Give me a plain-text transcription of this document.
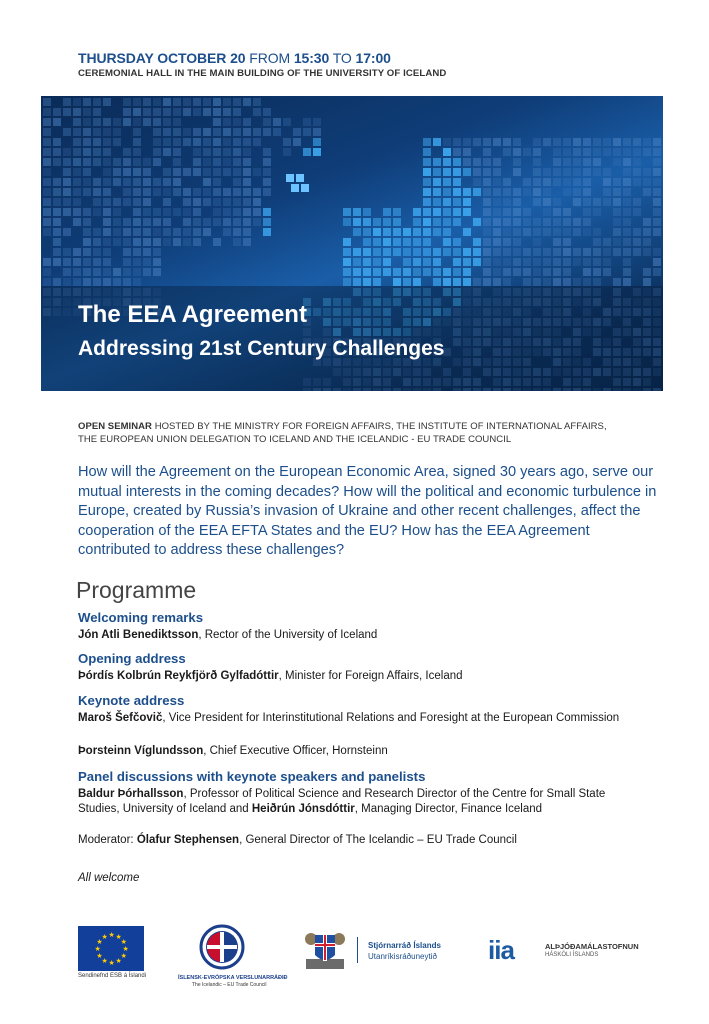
THURSDAY OCTOBER 20 FROM 15:30 TO 17:00
CEREMONIAL HALL IN THE MAIN BUILDING OF THE UNIVERSITY OF ICELAND
The EEA Agreement
Addressing 21st Century Challenges
OPEN SEMINAR HOSTED BY THE MINISTRY FOR FOREIGN AFFAIRS, THE INSTITUTE OF INTERNATIONAL AFFAIRS,
THE EUROPEAN UNION DELEGATION TO ICELAND AND THE ICELANDIC - EU TRADE COUNCIL
How will the Agreement on the European Economic Area, signed 30 years ago, serve our mutual interests in the coming decades? How will the political and economic turbulence in Europe, created by Russia’s invasion of Ukraine and other recent challenges, affect the cooperation of the EEA EFTA States and the EU? How has the EEA Agreement contributed to address these challenges?
Programme
Welcoming remarks
Jón Atli Benediktsson, Rector of the University of Iceland
Opening address
Þórdís Kolbrún Reykfjörð Gylfadóttir, Minister for Foreign Affairs, Iceland
Keynote address
Maroš Šefčovič, Vice President for Interinstitutional Relations and Foresight at the European Commission
Þorsteinn Víglundsson, Chief Executive Officer, Hornsteinn
Panel discussions with keynote speakers and panelists
Baldur Þórhallsson, Professor of Political Science and Research Director of the Centre for Small State Studies, University of Iceland and Heiðrún Jónsdóttir, Managing Director, Finance Iceland
Moderator: Ólafur Stephensen, General Director of The Icelandic – EU Trade Council
All welcome
★
★
★
★
★
★
★
★
★ ★ ★
★
Sendinefnd ESB á Íslandi	ÍSLENSK-EVRÓPSKA VERSLUNARRÁÐIÐ
The Icelandic – EU Trade Council
Stjórnarráð Íslands
Utanríkisráðuneytið iia	ALÞJÓÐAMÁLASTOFNUN
HÁSKÓLI ÍSLANDS
